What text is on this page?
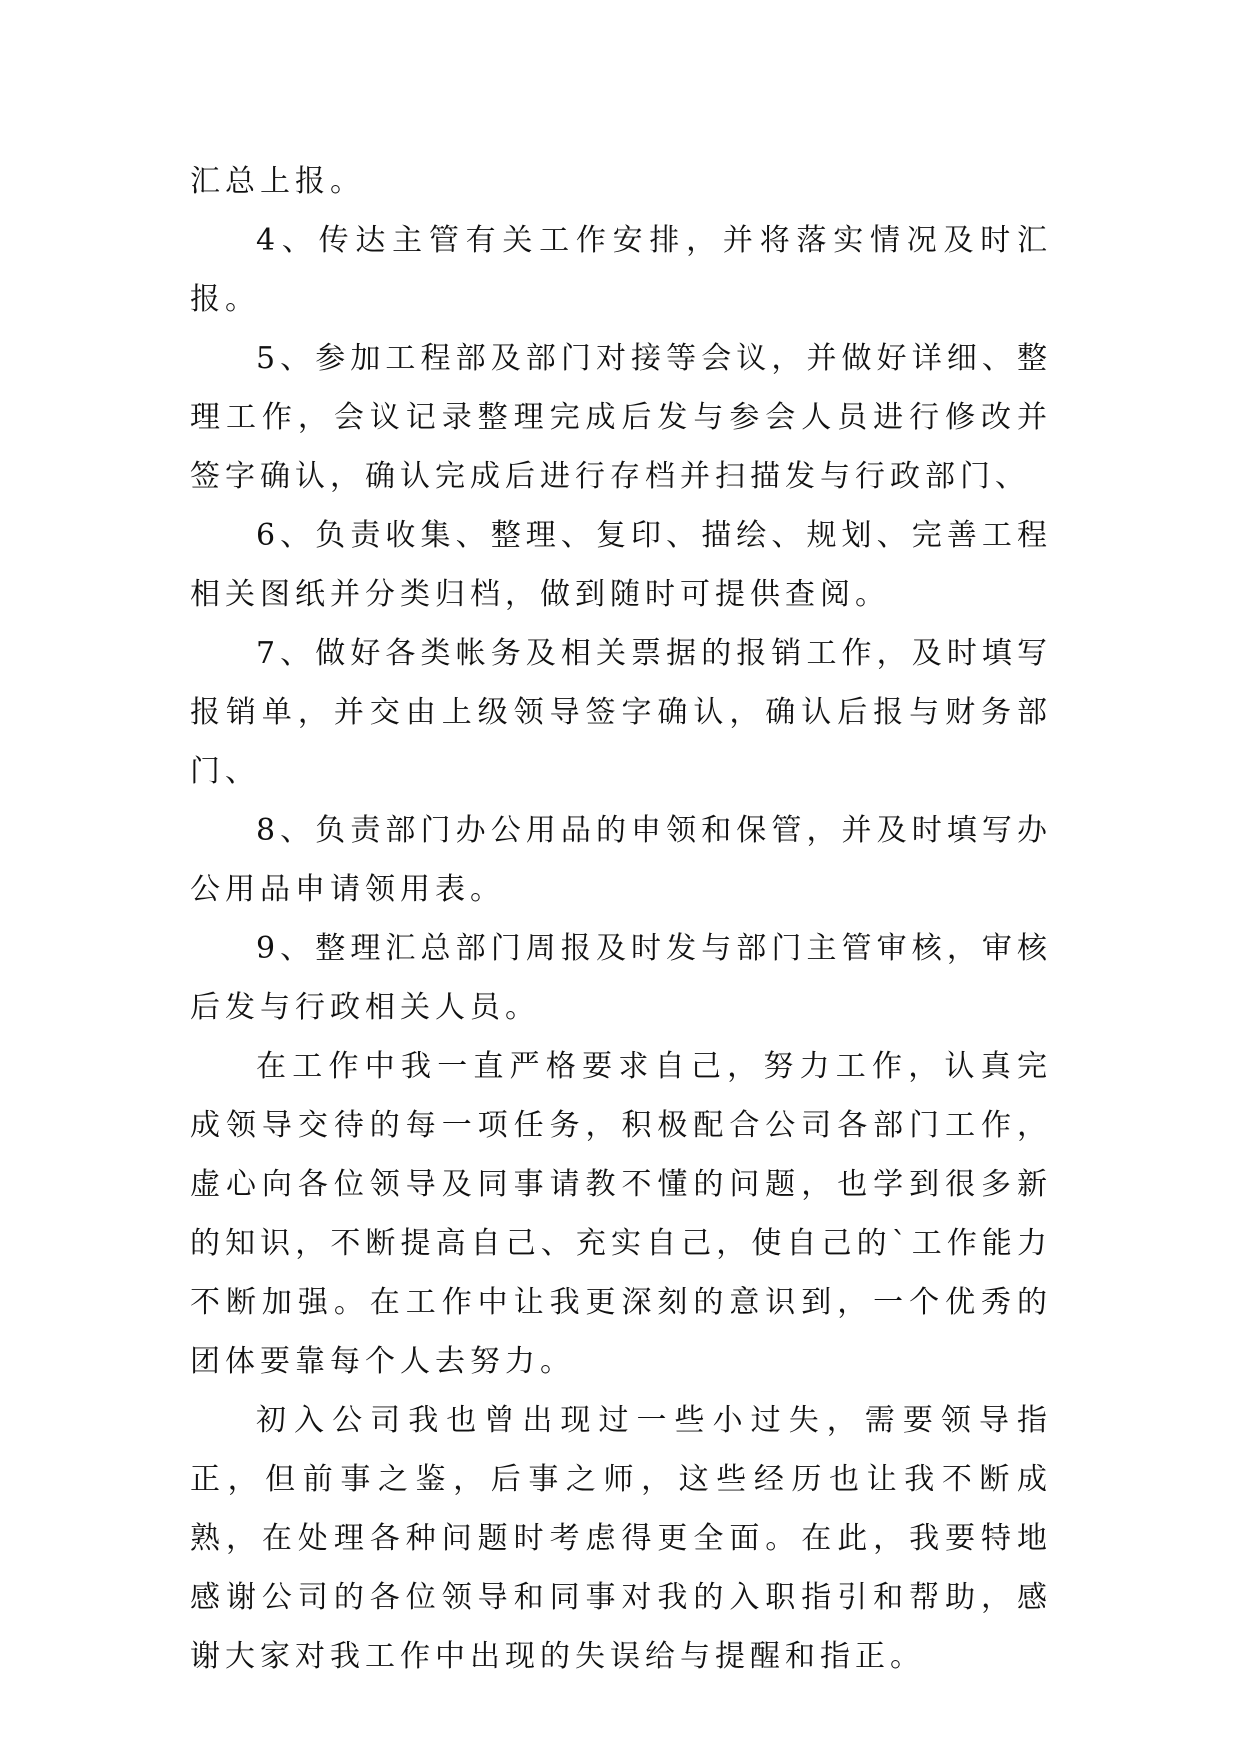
汇总上报。

4、传达主管有关工作安排，并将落实情况及时汇报。

5、参加工程部及部门对接等会议，并做好详细、整理工作，会议记录整理完成后发与参会人员进行修改并签字确认，确认完成后进行存档并扫描发与行政部门、

6、负责收集、整理、复印、描绘、规划、完善工程相关图纸并分类归档，做到随时可提供查阅。

7、做好各类帐务及相关票据的报销工作，及时填写报销单，并交由上级领导签字确认，确认后报与财务部门、

8、负责部门办公用品的申领和保管，并及时填写办公用品申请领用表。

9、整理汇总部门周报及时发与部门主管审核，审核后发与行政相关人员。

在工作中我一直严格要求自己，努力工作，认真完成领导交待的每一项任务，积极配合公司各部门工作，虚心向各位领导及同事请教不懂的问题，也学到很多新的知识，不断提高自己、充实自己，使自己的`工作能力不断加强。在工作中让我更深刻的意识到，一个优秀的团体要靠每个人去努力。

初入公司我也曾出现过一些小过失，需要领导指正，但前事之鉴，后事之师，这些经历也让我不断成熟，在处理各种问题时考虑得更全面。在此，我要特地感谢公司的各位领导和同事对我的入职指引和帮助，感谢大家对我工作中出现的失误给与提醒和指正。
